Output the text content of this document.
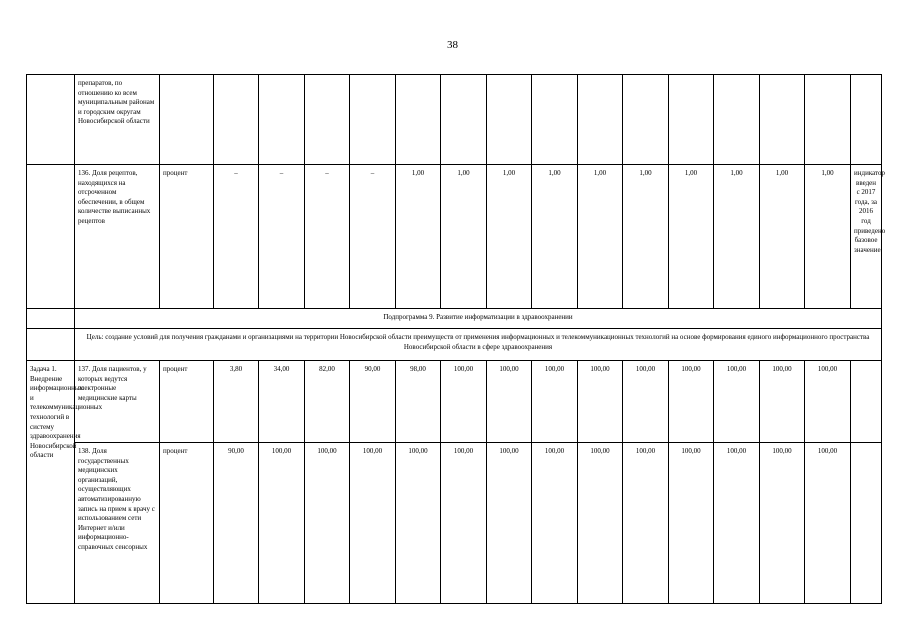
38
	препаратов, по отношению ко всем муниципальным районам и городским округам Новосибирской области																
	136. Доля рецептов, находящихся на отсроченном обеспечении, в общем количестве выписанных рецептов	процент	–	–	–	–	1,00	1,00	1,00	1,00	1,00	1,00	1,00	1,00	1,00	1,00	индикатор введен с 2017 года, за 2016 год приведено базовое значение
	Подпрограмма 9. Развитие информатизации в здравоохранении																
	Цель: создание условий для получения гражданами и организациями на территории Новосибирской области преимуществ от применения информационных и телекоммуникационных технологий на основе формирования единого информационного пространства Новосибирской области в сфере здравоохранения																
Задача 1. Внедрение информационных и телекоммуникационных технологий в систему здравоохранения Новосибирской области	137. Доля пациентов, у которых ведутся электронные медицинские карты	процент	3,80	34,00	82,00	90,00	98,00	100,00	100,00	100,00	100,00	100,00	100,00	100,00	100,00	100,00	
	138. Доля государственных медицинских организаций, осуществляющих автоматизированную запись на прием к врачу с использованием сети Интернет и/или информационно-справочных сенсорных	процент	90,00	100,00	100,00	100,00	100,00	100,00	100,00	100,00	100,00	100,00	100,00	100,00	100,00	100,00	
